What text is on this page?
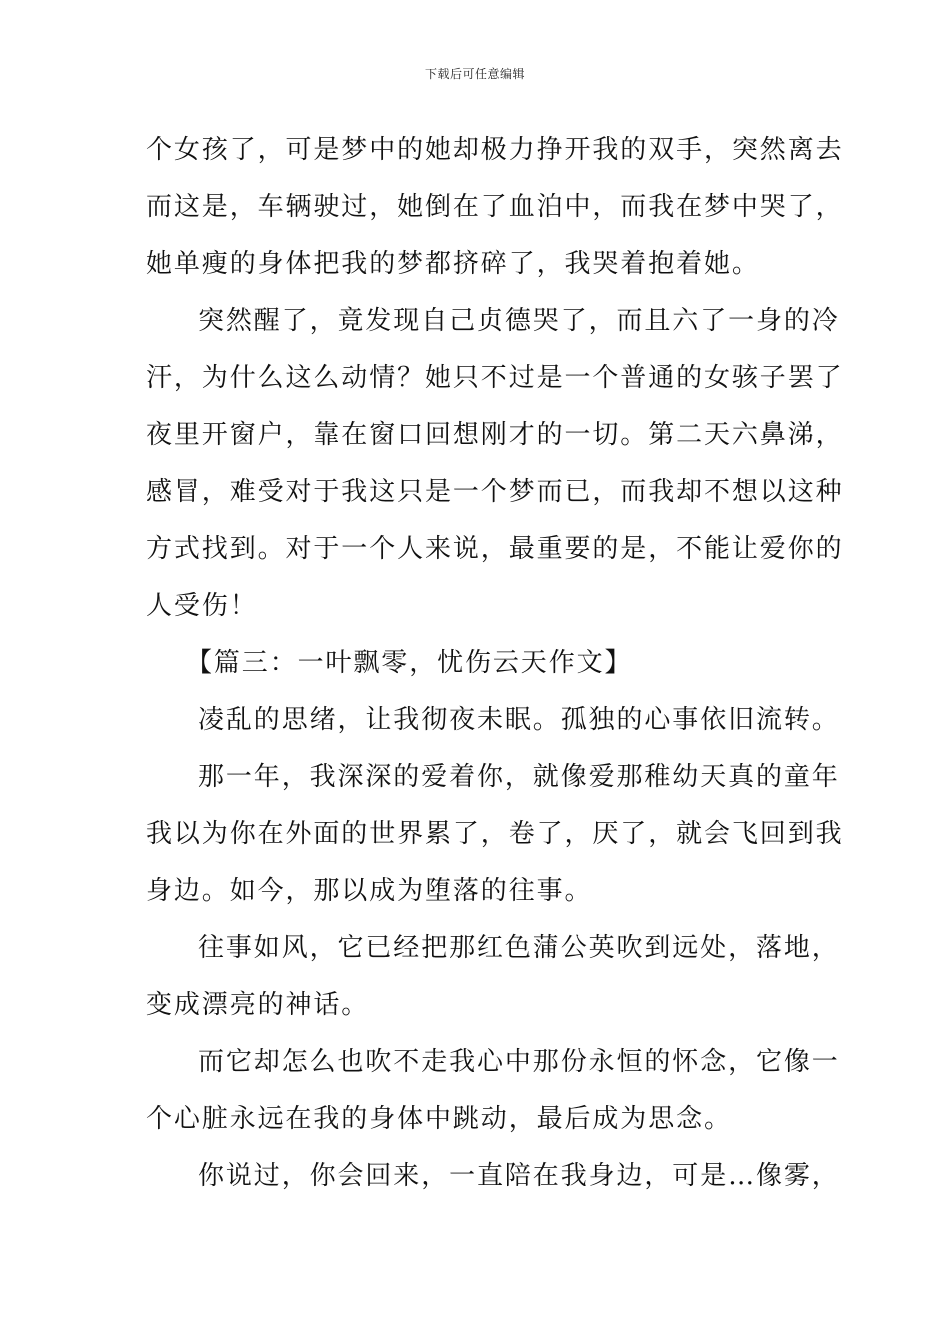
下载后可任意编辑
个女孩了，可是梦中的她却极力挣开我的双手，突然离去
而这是，车辆驶过，她倒在了血泊中，而我在梦中哭了，
她单瘦的身体把我的梦都挤碎了，我哭着抱着她。
突然醒了，竟发现自己贞德哭了，而且六了一身的冷
汗，为什么这么动情？她只不过是一个普通的女骇子罢了
夜里开窗户，靠在窗口回想刚才的一切。第二天六鼻涕，
感冒，难受对于我这只是一个梦而已，而我却不想以这种
方式找到。对于一个人来说，最重要的是，不能让爱你的
人受伤！
【篇三：一叶飘零，忧伤云天作文】
凌乱的思绪，让我彻夜未眠。孤独的心事依旧流转。
那一年，我深深的爱着你，就像爱那稚幼天真的童年
我以为你在外面的世界累了，卷了，厌了，就会飞回到我
身边。如今，那以成为堕落的往事。
往事如风，它已经把那红色蒲公英吹到远处，落地，
变成漂亮的神话。
而它却怎么也吹不走我心中那份永恒的怀念，它像一
个心脏永远在我的身体中跳动，最后成为思念。
你说过，你会回来，一直陪在我身边，可是…像雾，
